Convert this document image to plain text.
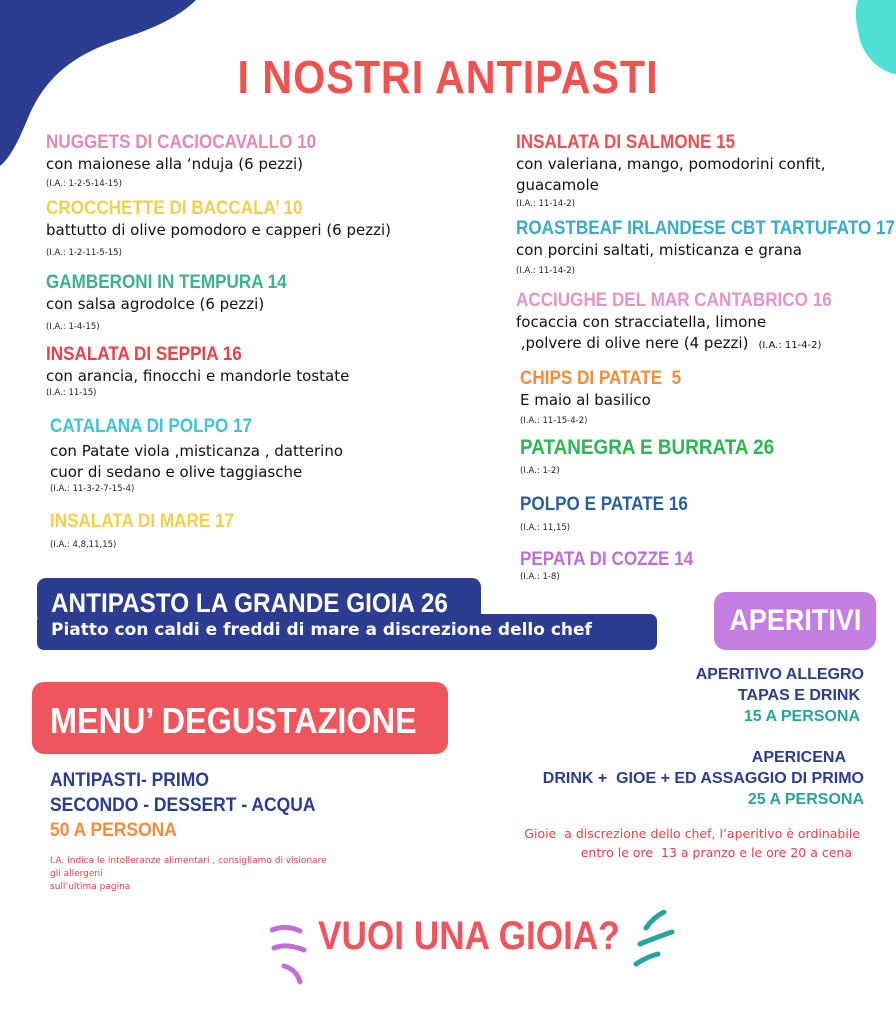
I NOSTRI ANTIPASTI
NUGGETS DI CACIOCAVALLO 10
con maionese alla ‘nduja (6 pezzi)
(I.A.: 1-2-5-14-15)
CROCCHETTE DI BACCALA’ 10
battutto di olive pomodoro e capperi (6 pezzi)
(I.A.: 1-2-11-5-15)
GAMBERONI IN TEMPURA 14
con salsa agrodolce (6 pezzi)
(I.A.: 1-4-15)
INSALATA DI SEPPIA 16
con arancia, finocchi e mandorle tostate
(I.A.: 11-15)
CATALANA DI POLPO 17
con Patate viola ,misticanza , datterino
cuor di sedano e olive taggiasche
(I.A.: 11-3-2-7-15-4)
INSALATA DI MARE 17
(I.A.: 4,8,11,15)
INSALATA DI SALMONE 15
con valeriana, mango, pomodorini confit,
guacamole
(I.A.: 11-14-2)
ROASTBEAF IRLANDESE CBT TARTUFATO 17
con porcini saltati, misticanza e grana
(I.A.: 11-14-2)
ACCIUGHE DEL MAR CANTABRICO 16
focaccia con stracciatella, limone
,polvere di olive nere (4 pezzi) (I.A.: 11-4-2)
CHIPS DI PATATE  5
E maio al basilico
(I.A.: 11-15-4-2)
PATANEGRA E BURRATA 26
(I.A.: 1-2)
POLPO E PATATE 16
(I.A.: 11,15)
PEPATA DI COZZE 14
(I.A.: 1-8)
ANTIPASTO LA GRANDE GIOIA 26
Piatto con caldi e freddi di mare a discrezione dello chef	APERITIVI
APERITIVO ALLEGRO
TAPAS E DRINK
15 A PERSONA
APERICENA
DRINK +  GIOE + ED ASSAGGIO DI PRIMO
25 A PERSONA
Gioie  a discrezione dello chef, l’aperitivo è ordinabile
entro le ore  13 a pranzo e le ore 20 a cena
MENU’ DEGUSTAZIONE
ANTIPASTI- PRIMO
SECONDO - DESSERT - ACQUA
50 A PERSONA
I.A. indica le intolleranze alimentari , consigliamo di visionare
gli allergeni
sull’ultima pagina
VUOI UNA GIOIA?
